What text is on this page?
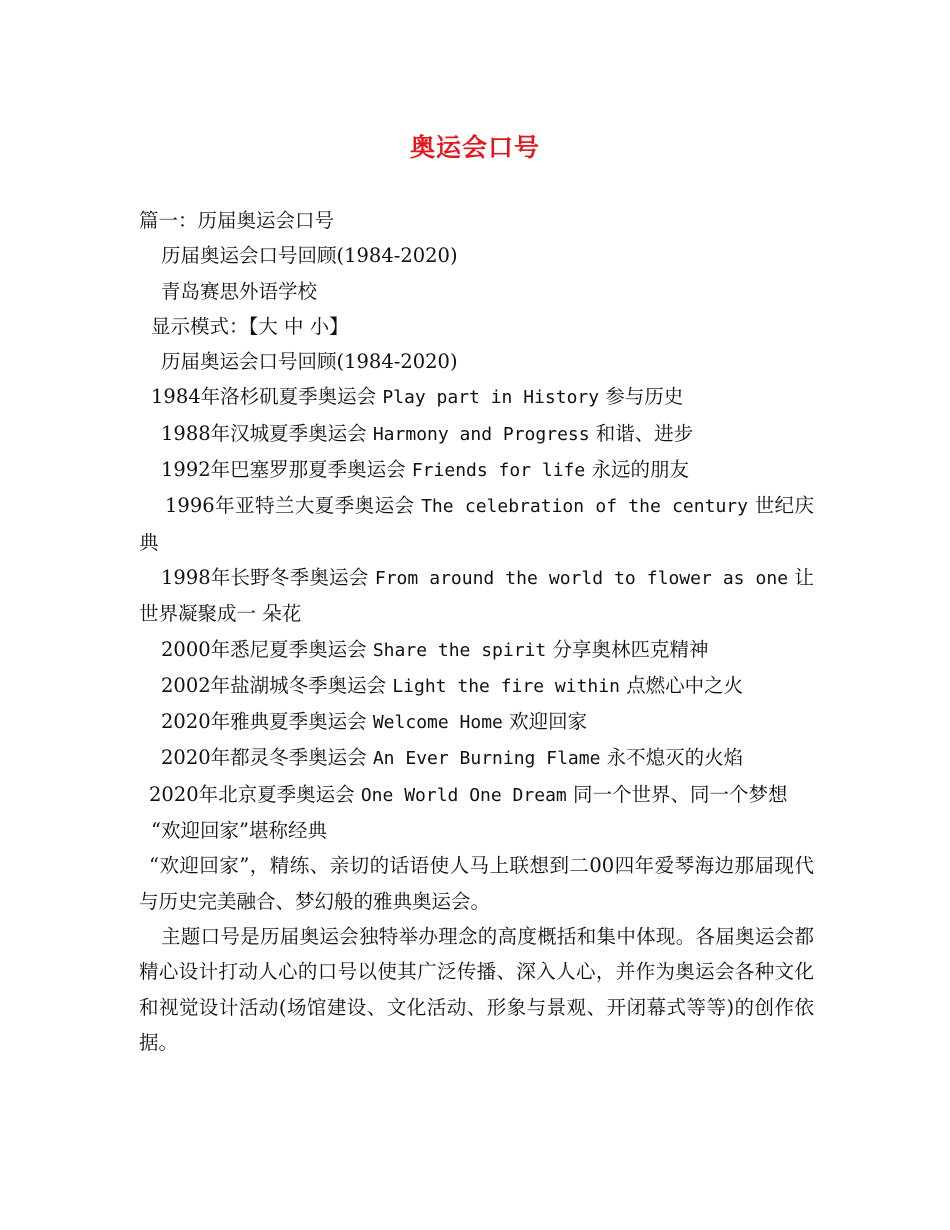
奥运会口号
篇一：历届奥运会口号
历届奥运会口号回顾(1984-2020)
青岛赛思外语学校
显示模式：【大 中 小】
历届奥运会口号回顾(1984-2020)
1984年洛杉矶夏季奥运会 Play part in History 参与历史
1988年汉城夏季奥运会 Harmony and Progress 和谐、进步
1992年巴塞罗那夏季奥运会 Friends for life 永远的朋友
1996年亚特兰大夏季奥运会 The celebration of the century 世纪庆典
1998年长野冬季奥运会 From around the world to flower as one 让世界凝聚成一 朵花
2000年悉尼夏季奥运会 Share the spirit 分享奥林匹克精神
2002年盐湖城冬季奥运会 Light the fire within 点燃心中之火
2020年雅典夏季奥运会 Welcome Home 欢迎回家
2020年都灵冬季奥运会 An Ever Burning Flame 永不熄灭的火焰
2020年北京夏季奥运会 One World One Dream 同一个世界、同一个梦想
“欢迎回家”堪称经典
“欢迎回家”，精练、亲切的话语使人马上联想到二00四年爱琴海边那届现代与历史完美融合、梦幻般的雅典奥运会。
主题口号是历届奥运会独特举办理念的高度概括和集中体现。各届奥运会都精心设计打动人心的口号以使其广泛传播、深入人心，并作为奥运会各种文化和视觉设计活动(场馆建设、文化活动、形象与景观、开闭幕式等等)的创作依据。
